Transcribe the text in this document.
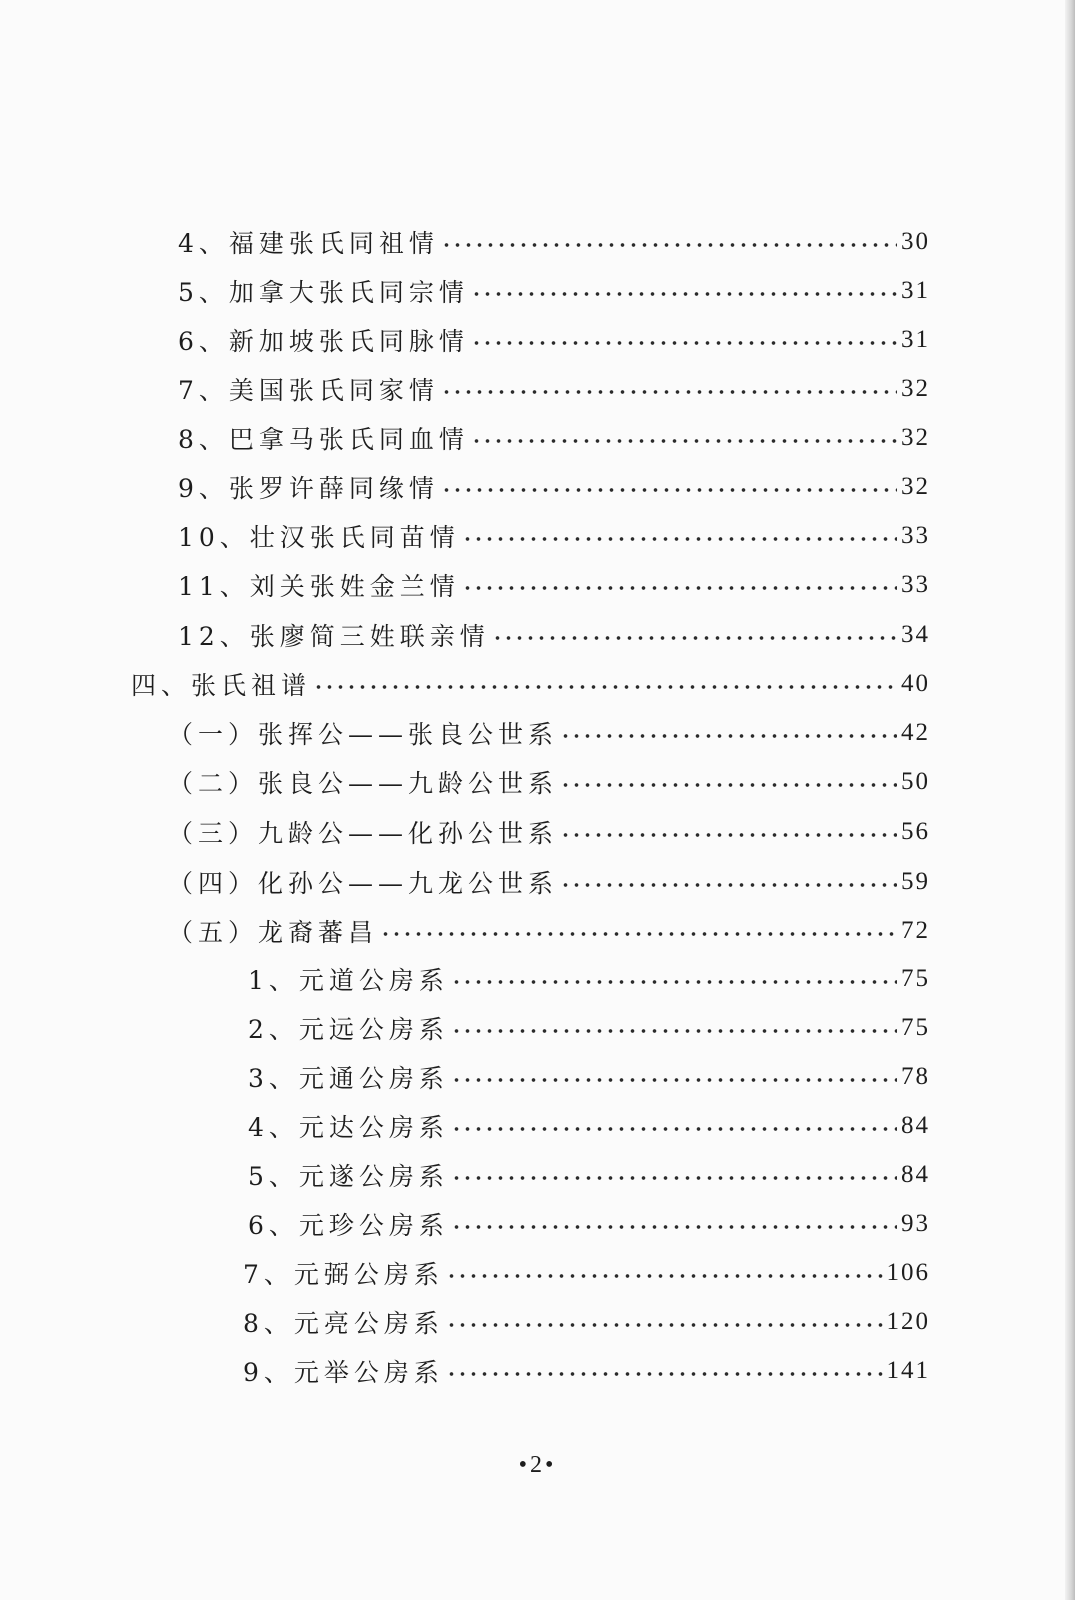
4、福建张氏同祖情	30
5、加拿大张氏同宗情	31
6、新加坡张氏同脉情	31
7、美国张氏同家情	32
8、巴拿马张氏同血情	32
9、张罗许薛同缘情	32
10、壮汉张氏同苗情	33
11、刘关张姓金兰情	33
12、张廖简三姓联亲情	34
四、张氏祖谱	40
（一）张挥公——张良公世系	42
（二）张良公——九龄公世系	50
（三）九龄公——化孙公世系	56
（四）化孙公——九龙公世系	59
（五）龙裔蕃昌	72
1、元道公房系	75
2、元远公房系	75
3、元通公房系	78
4、元达公房系	84
5、元遂公房系	84
6、元珍公房系	93
7、元弼公房系	106
8、元亮公房系	120
9、元举公房系	141
•2•
